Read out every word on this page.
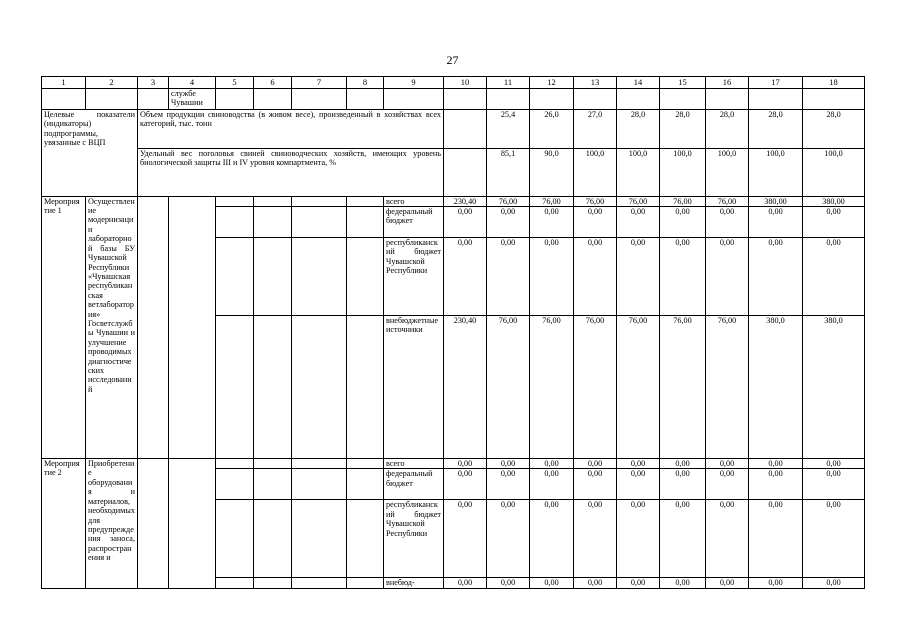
27
1	2	3	4	5	6	7	8	9	10	11	12	13	14	15	16	17	18	
			службе Чувашии															
Целевые показатели (индикаторы) подпрограммы, увязанные с ВЦП		Объем продукции свиноводства (в живом весе), произведенный в хозяйствах всех категорий, тыс. тонн								25,4	26,0	27,0	28,0	28,0	28,0	28,0	28,0	
		Удельный вес поголовья свиней свиноводческих хозяйств, имеющих уровень биологической защиты III и IV уровня компартмента, %								85,1	90,0	100,0	100,0	100,0	100,0	100,0	100,0	
Мероприятие 1	Осуществление модернизации лабораторной базы БУ Чувашской Республики «Чувашская республиканская ветлаборатория» Госветслужбы Чувашии и улучшение проводимых диагностических исследований							всего	230,40	76,00	76,00	76,00	76,00	76,00	76,00	380,00	380,00	
								федеральный бюджет	0,00	0,00	0,00	0,00	0,00	0,00	0,00	0,00	0,00	
								республиканский бюджет Чувашской Республики	0,00	0,00	0,00	0,00	0,00	0,00	0,00	0,00	0,00	
								внебюджетные источники	230,40	76,00	76,00	76,00	76,00	76,00	76,00	380,0	380,0	
Мероприятие 2	Приобретение оборудования и материалов, необходимых для предупреждения заноса, распространения и							всего	0,00	0,00	0,00	0,00	0,00	0,00	0,00	0,00	0,00	
								федеральный бюджет	0,00	0,00	0,00	0,00	0,00	0,00	0,00	0,00	0,00	
								республиканский бюджет Чувашской Республики	0,00	0,00	0,00	0,00	0,00	0,00	0,00	0,00	0,00	
								внебюд-	0,00	0,00	0,00	0,00	0,00	0,00	0,00	0,00	0,00	
